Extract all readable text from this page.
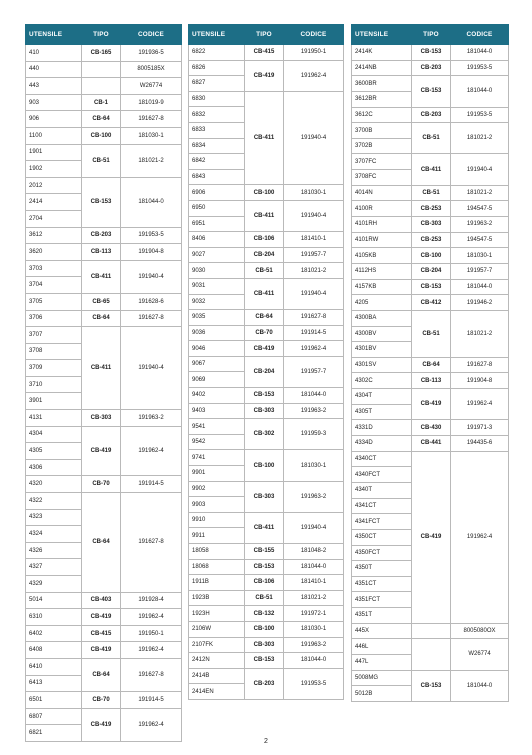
UTENSILE	TIPO	CODICE
410	CB-165	191936-5
440		8005185X
443		W26774
903	CB-1	181019-9
906	CB-64	191627-8
1100	CB-100	181030-1
1901	CB-51	181021-2
1902		
2012	CB-153	181044-0
2414		
2704		
3612	CB-203	191953-5
3620	CB-113	191904-8
3703	CB-411	191940-4
3704		
3705	CB-65	191628-6
3706	CB-64	191627-8
3707	CB-411	191940-4
3708		
3709		
3710		
3901		
4131	CB-303	191963-2
4304	CB-419	191962-4
4305		
4306		
4320	CB-70	191914-5
4322	CB-64	191627-8
4323		
4324		
4326		
4327		
4329		
5014	CB-403	191928-4
6310	CB-419	191962-4
6402	CB-415	191950-1
6408	CB-419	191962-4
6410	CB-64	191627-8
6413		
6501	CB-70	191914-5
6807	CB-419	191962-4
6821		
UTENSILE	TIPO	CODICE
6822	CB-415	191950-1
6826	CB-419	191962-4
6827		
6830	CB-411	191940-4
6832		
6833		
6834		
6842		
6843		
6906	CB-100	181030-1
6950	CB-411	191940-4
6951		
8406	CB-106	181410-1
9027	CB-204	191957-7
9030	CB-51	181021-2
9031	CB-411	191940-4
9032		
9035	CB-64	191627-8
9036	CB-70	191914-5
9046	CB-419	191962-4
9067	CB-204	191957-7
9069		
9402	CB-153	181044-0
9403	CB-303	191963-2
9541	CB-302	191959-3
9542		
9741	CB-100	181030-1
9901		
9902	CB-303	191963-2
9903		
9910	CB-411	191940-4
9911		
18058	CB-155	181048-2
18068	CB-153	181044-0
1911B	CB-106	181410-1
1923B	CB-51	181021-2
1923H	CB-132	191972-1
2106W	CB-100	181030-1
2107FK	CB-303	191963-2
2412N	CB-153	181044-0
2414B	CB-203	191953-5
2414EN		
UTENSILE	TIPO	CODICE
2414K	CB-153	181044-0
2414NB	CB-203	191953-5
3600BR	CB-153	181044-0
3612BR		
3612C	CB-203	191953-5
3700B	CB-51	181021-2
3702B		
3707FC	CB-411	191940-4
3708FC		
4014N	CB-51	181021-2
4100R	CB-253	194547-5
4101RH	CB-303	191963-2
4101RW	CB-253	194547-5
4105KB	CB-100	181030-1
4112HS	CB-204	191957-7
4157KB	CB-153	181044-0
4205	CB-412	191946-2
4300BA	CB-51	181021-2
4300BV		
4301BV		
4301SV	CB-64	191627-8
4302C	CB-113	191904-8
4304T	CB-419	191962-4
4305T		
4331D	CB-430	191971-3
4334D	CB-441	194435-6
4340CT	CB-419	191962-4
4340FCT		
4340T		
4341CT		
4341FCT		
4350CT		
4350FCT		
4350T		
4351CT		
4351FCT		
4351T		
445X		8005080OX
446L		W26774
447L		
5008MG	CB-153	181044-0
5012B		
2
